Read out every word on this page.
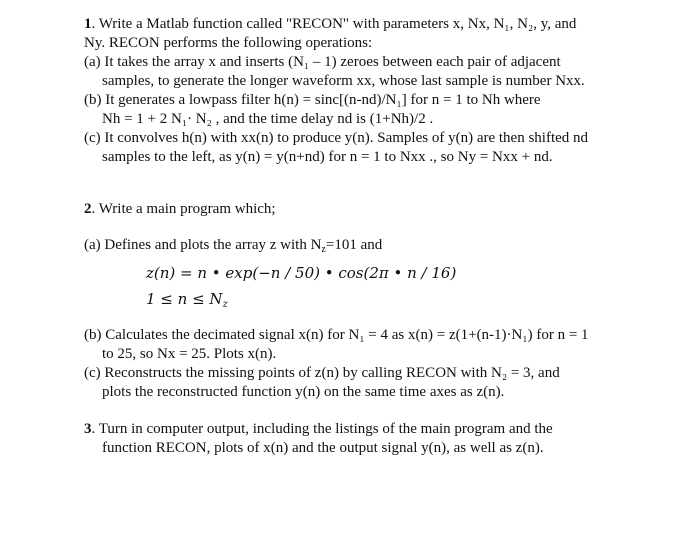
1. Write a Matlab function called "RECON" with parameters x, Nx, N₁, N₂, y, and
Ny. RECON performs the following operations:
(a) It takes the array x and inserts (N₁ – 1) zeroes between each pair of adjacent
samples, to generate the longer waveform xx, whose last sample is number Nxx.
(b) It generates a lowpass filter h(n) = sinc[(n-nd)/N₁] for n = 1 to Nh where
Nh = 1 + 2 N₁· N₂ , and the time delay nd is (1+Nh)/2 .
(c) It convolves h(n) with xx(n) to produce y(n). Samples of y(n) are then shifted nd
samples to the left, as y(n) = y(n+nd) for n = 1 to Nxx ., so Ny = Nxx + nd.
2. Write a main program which;
(a) Defines and plots the array z with $N_z=101$ and
z(n) = n • exp(−n / 50) • cos(2π • n / 16)
$1 \le n \le N_z$
(b) Calculates the decimated signal x(n) for N₁ = 4 as x(n) = z(1+(n-1)·N₁) for n = 1
to 25, so Nx = 25. Plots x(n).
(c) Reconstructs the missing points of z(n) by calling RECON with N₂ = 3, and
plots the reconstructed function y(n) on the same time axes as z(n).
3. Turn in computer output, including the listings of the main program and the
function RECON, plots of x(n) and the output signal y(n), as well as z(n).
